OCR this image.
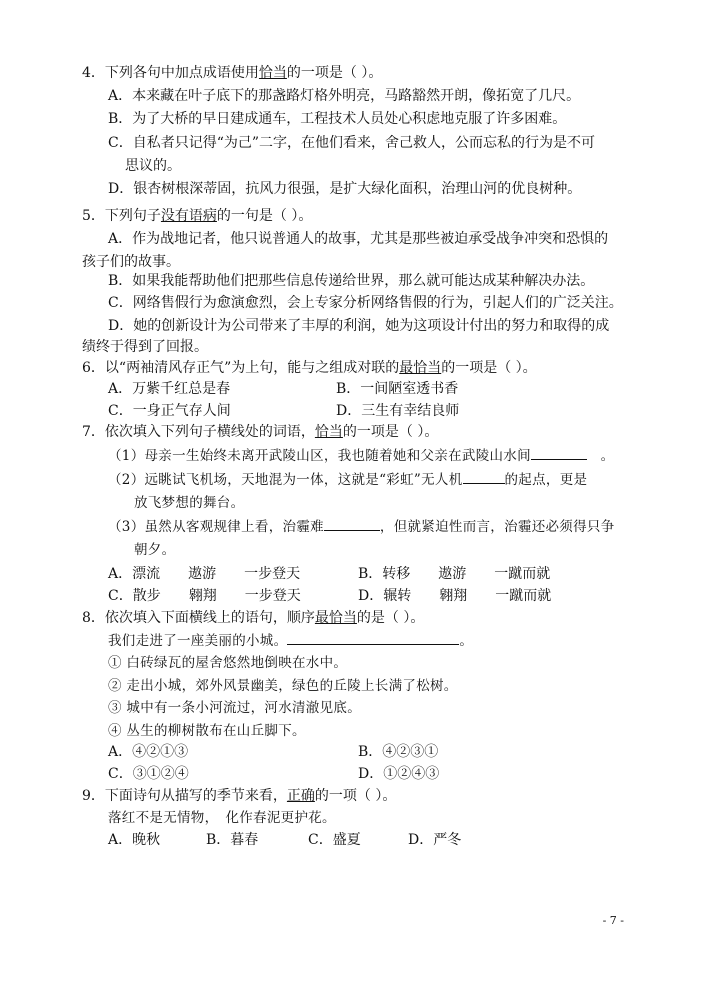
4．下列各句中加点成语使用恰当的一项是（ ）。
A．本来藏在叶子底下的那盏路灯格外明亮，马路豁然开朗，像拓宽了几尺。
B．为了大桥的早日建成通车，工程技术人员处心积虑地克服了许多困难。
C．自私者只记得“为己”二字，在他们看来，舍己救人，公而忘私的行为是不可
思议的。
D．银杏树根深蒂固，抗风力很强，是扩大绿化面积，治理山河的优良树种。
5．下列句子没有语病的一句是（ ）。
A．作为战地记者，他只说普通人的故事，尤其是那些被迫承受战争冲突和恐惧的
孩子们的故事。
B．如果我能帮助他们把那些信息传递给世界，那么就可能达成某种解决办法。
C．网络售假行为愈演愈烈，会上专家分析网络售假的行为，引起人们的广泛关注。
D．她的创新设计为公司带来了丰厚的利润，她为这项设计付出的努力和取得的成
绩终于得到了回报。
6．以“两袖清风存正气”为上句，能与之组成对联的最恰当的一项是（ ）。
A．万紫千红总是春	B．一间陋室透书香
C．一身正气存人间	D．三生有幸结良师
7．依次填入下列句子横线处的词语，恰当的一项是（ ）。
（1）母亲一生始终未离开武陵山区，我也随着她和父亲在武陵山水间	。
（2）远眺试飞机场，天地混为一体，这就是“彩虹”无人机	的起点，更是
放飞梦想的舞台。
（3）虽然从客观规律上看，治霾难	，但就紧迫性而言，治霾还必须得只争
朝夕。
A．漂流　　遨游　　一步登天	B．转移　　遨游　　一蹴而就
C．散步　　翱翔　　一步登天	D．辗转　　翱翔　　一蹴而就
8．依次填入下面横线上的语句，顺序最恰当的是（ ）。
我们走进了一座美丽的小城。	。
① 白砖绿瓦的屋舍悠然地倒映在水中。
② 走出小城，郊外风景幽美，绿色的丘陵上长满了松树。
③ 城中有一条小河流过，河水清澈见底。
④ 丛生的柳树散布在山丘脚下。
A．④②①③	B．④②③①
C．③①②④	D．①②④③
9．下面诗句从描写的季节来看，正确的一项（ ）。
落红不是无情物，　化作春泥更护花。
A．晚秋	B．暮春	C．盛夏	D．严冬
- 7 -
